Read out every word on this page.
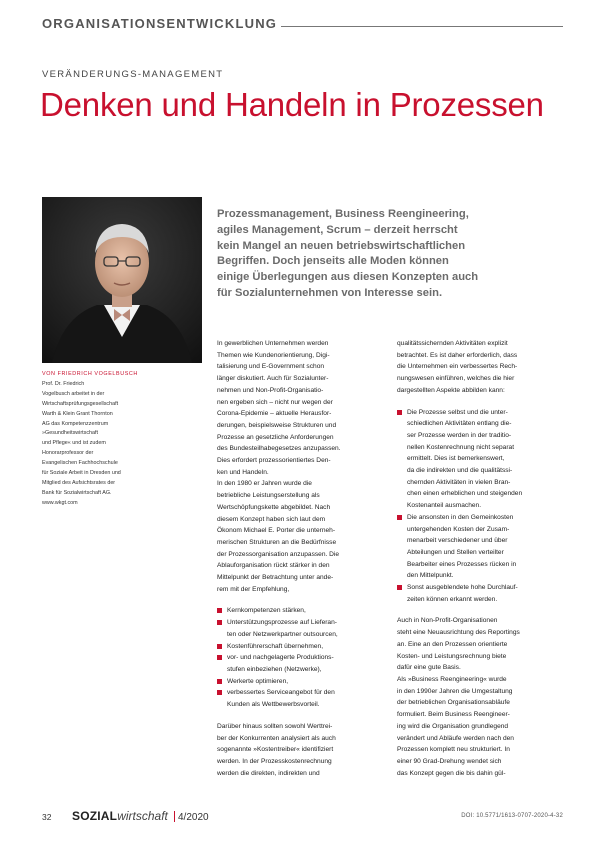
ORGANISATIONSENTWICKLUNG
VERÄNDERUNGS-MANAGEMENT
Denken und Handeln in Prozessen
Prozessmanagement, Business Reengineering,
agiles Management, Scrum – derzeit herrscht
kein Mangel an neuen betriebswirtschaftlichen
Begriffen. Doch jenseits alle Moden können
einige Überlegungen aus diesen Konzepten auch
für Sozialunternehmen von Interesse sein.
VON FRIEDRICH VOGELBUSCH
Prof. Dr. Friedrich
Vogelbusch arbeitet in der
Wirtschaftsprüfungsgesellschaft
Warth & Klein Grant Thornton
AG das Kompetenzzentrum
»Gesundheitswirtschaft
und Pflege« und ist zudem
Honorarprofessor der
Evangelischen Fachhochschule
für Soziale Arbeit in Dresden und
Mitglied des Aufsichtsrates der
Bank für Sozialwirtschaft AG.
www.wkgt.com
In gewerblichen Unternehmen werden
Themen wie Kundenorientierung, Digi-
talisierung und E-Government schon
länger diskutiert. Auch für Sozialunter-
nehmen und Non-Profit-Organisatio-
nen ergeben sich – nicht nur wegen der
Corona-Epidemie – aktuelle Herausfor-
derungen, beispielsweise Strukturen und
Prozesse an gesetzliche Anforderungen
des Bundesteilhabegesetzes anzupassen.
Dies erfordert prozessorientiertes Den-
ken und Handeln.
In den 1980 er Jahren wurde die
betriebliche Leistungserstellung als
Wertschöpfungskette abgebildet. Nach
diesem Konzept haben sich laut dem
Ökonom Michael E. Porter die unterneh-
merischen Strukturen an die Bedürfnisse
der Prozessorganisation anzupassen. Die
Ablauforganisation rückt stärker in den
Mittelpunkt der Betrachtung unter ande-
rem mit der Empfehlung,
Kernkompetenzen stärken,
Unterstützungsprozesse auf Lieferan-
ten oder Netzwerkpartner outsourcen,
Kostenführerschaft übernehmen,
vor- und nachgelagerte Produktions-
stufen einbeziehen (Netzwerke),
Werkerte optimieren,
verbessertes Serviceangebot für den
Kunden als Wettbewerbsvorteil.
Darüber hinaus sollten sowohl Werttrei-
ber der Konkurrenten analysiert als auch
sogenannte »Kostentreiber« identifiziert
werden. In der Prozesskostenrechnung
werden die direkten, indirekten und
qualitätssichernden Aktivitäten explizit
betrachtet. Es ist daher erforderlich, dass
die Unternehmen ein verbessertes Rech-
nungswesen einführen, welches die hier
dargestellten Aspekte abbilden kann:
Die Prozesse selbst und die unter-
schiedlichen Aktivitäten entlang die-
ser Prozesse werden in der traditio-
nellen Kostenrechnung nicht separat
ermittelt. Dies ist bemerkenswert,
da die indirekten und die qualitätssi-
chernden Aktivitäten in vielen Bran-
chen einen erheblichen und steigenden
Kostenanteil ausmachen.
Die ansonsten in den Gemeinkosten
untergehenden Kosten der Zusam-
menarbeit verschiedener und über
Abteilungen und Stellen verteilter
Bearbeiter eines Prozesses rücken in
den Mittelpunkt.
Sonst ausgeblendete hohe Durchlauf-
zeiten können erkannt werden.
Auch in Non-Profit-Organisationen
steht eine Neuausrichtung des Reportings
an. Eine an den Prozessen orientierte
Kosten- und Leistungsrechnung biete
dafür eine gute Basis.
Als »Business Reengineering« wurde
in den 1990er Jahren die Umgestaltung
der betrieblichen Organisationsabläufe
formuliert. Beim Business Reengineer-
ing wird die Organisation grundlegend
verändert und Abläufe werden nach den
Prozessen komplett neu strukturiert. In
einer 90 Grad-Drehung wendet sich
das Konzept gegen die bis dahin gül-
32 SOZIALwirtschaft	4/2020	DOI: 10.5771/1613-0707-2020-4-32
